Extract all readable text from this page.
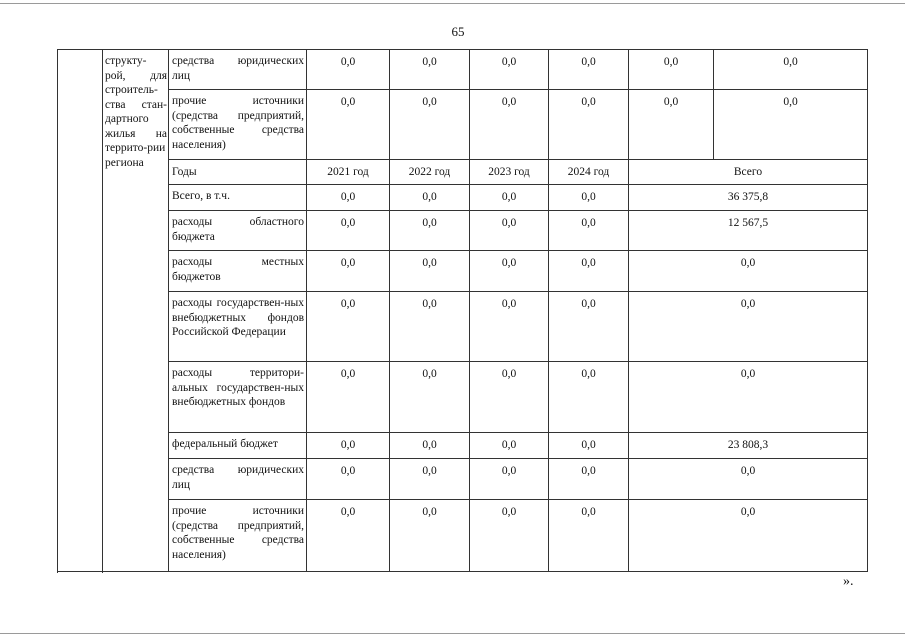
65
	структу-рой, для строитель-ства стан-дартного жилья на террито-рии региона	средства юридических лиц	0,0	0,0	0,0	0,0	0,0	0,0
		прочие источники (средства предприятий, собственные средства населения)	0,0	0,0	0,0	0,0	0,0	0,0
		Годы	2021 год	2022 год	2023 год	2024 год	Всего	
		Всего, в т.ч.	0,0	0,0	0,0	0,0	36 375,8	
		расходы областного бюджета	0,0	0,0	0,0	0,0	12 567,5	
		расходы местных бюджетов	0,0	0,0	0,0	0,0	0,0	
		расходы государствен-ных внебюджетных фондов Российской Федерации	0,0	0,0	0,0	0,0	0,0	
		расходы территори-альных государствен-ных внебюджетных фондов	0,0	0,0	0,0	0,0	0,0	
		федеральный бюджет	0,0	0,0	0,0	0,0	23 808,3	
		средства юридических лиц	0,0	0,0	0,0	0,0	0,0	
		прочие источники (средства предприятий, собственные средства населения)	0,0	0,0	0,0	0,0	0,0	

».
